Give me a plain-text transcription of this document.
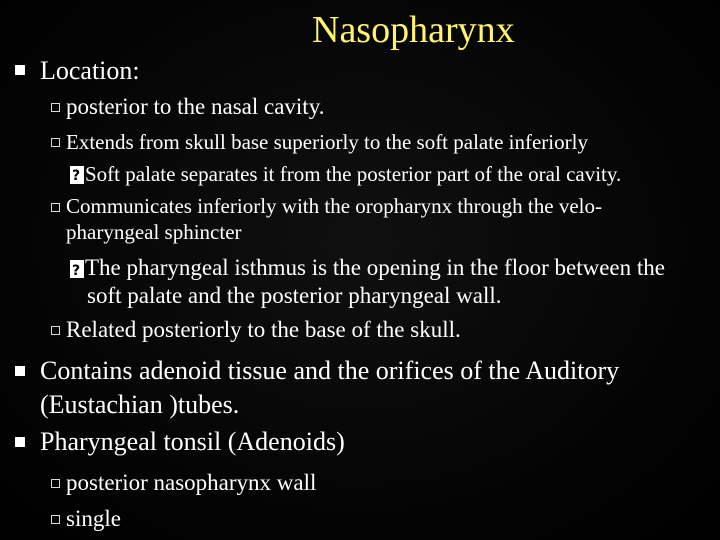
Nasopharynx
Location:
posterior to the nasal cavity.
Extends from skull base superiorly to the soft palate inferiorly
?Soft palate separates it from the posterior part of the oral cavity.
Communicates inferiorly with the oropharynx through the velo-
pharyngeal sphincter
?The pharyngeal isthmus is the opening in the floor between the
soft palate and the posterior pharyngeal wall.
Related posteriorly to the base of the skull.
Contains adenoid tissue and the orifices of the Auditory
(Eustachian )tubes.
Pharyngeal tonsil (Adenoids)
posterior nasopharynx wall
single
